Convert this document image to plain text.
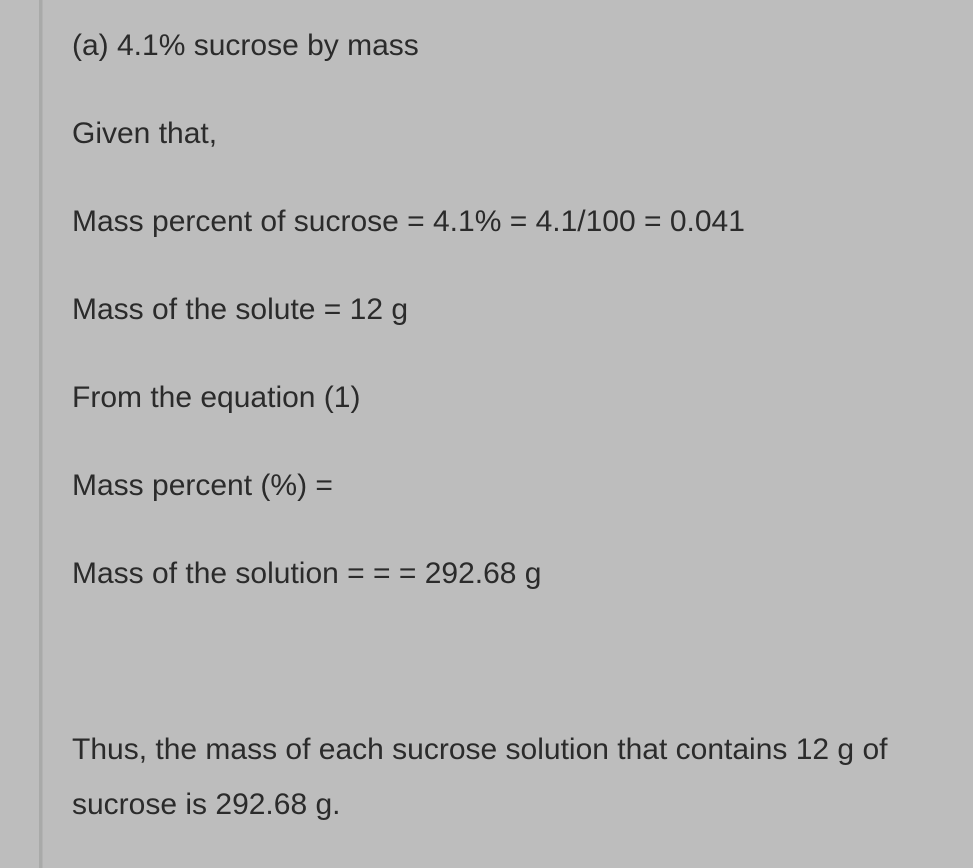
(a) 4.1% sucrose by mass
Given that,
Mass percent of sucrose = 4.1% = 4.1/100 = 0.041
Mass of the solute = 12 g
From the equation (1)
Mass percent (%) =
Mass of the solution = = = 292.68 g
Thus, the mass of each sucrose solution that contains 12 g of
sucrose is 292.68 g.
